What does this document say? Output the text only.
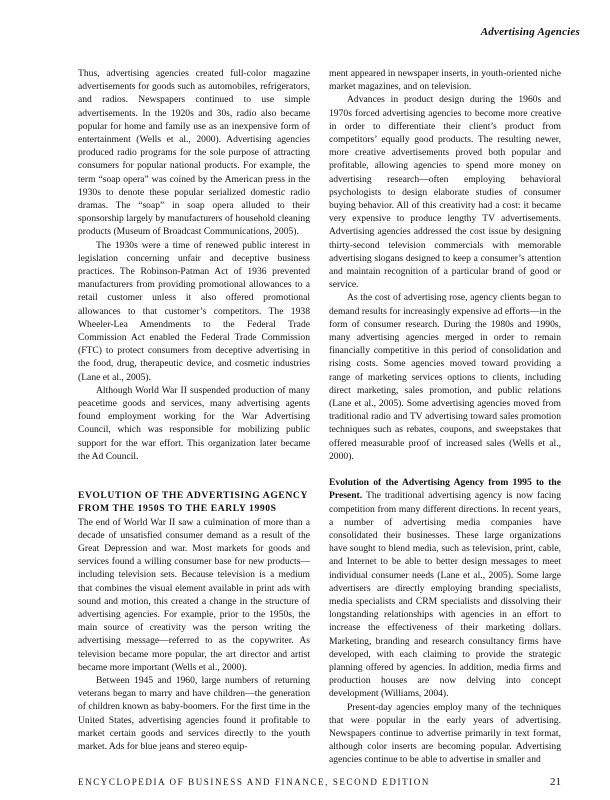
Advertising Agencies

Thus, advertising agencies created full-color magazine advertisements for goods such as automobiles, refrigerators, and radios. Newspapers continued to use simple advertisements. In the 1920s and 30s, radio also became popular for home and family use as an inexpensive form of entertainment (Wells et al., 2000). Advertising agencies produced radio programs for the sole purpose of attracting consumers for popular national products. For example, the term “soap opera” was coined by the American press in the 1930s to denote these popular serialized domestic radio dramas. The “soap” in soap opera alluded to their sponsorship largely by manufacturers of household cleaning products (Museum of Broadcast Communications, 2005).

The 1930s were a time of renewed public interest in legislation concerning unfair and deceptive business practices. The Robinson-Patman Act of 1936 prevented manufacturers from providing promotional allowances to a retail customer unless it also offered promotional allowances to that customer’s competitors. The 1938 Wheeler-Lea Amendments to the Federal Trade Commission Act enabled the Federal Trade Commission (FTC) to protect consumers from deceptive advertising in the food, drug, therapeutic device, and cosmetic industries (Lane et al., 2005).

Although World War II suspended production of many peacetime goods and services, many advertising agents found employment working for the War Advertising Council, which was responsible for mobilizing public support for the war effort. This organization later became the Ad Council.

EVOLUTION OF THE ADVERTISING AGENCY FROM THE 1950S TO THE EARLY 1990S

The end of World War II saw a culmination of more than a decade of unsatisfied consumer demand as a result of the Great Depression and war. Most markets for goods and services found a willing consumer base for new products—including television sets. Because television is a medium that combines the visual element available in print ads with sound and motion, this created a change in the structure of advertising agencies. For example, prior to the 1950s, the main source of creativity was the person writing the advertising message—referred to as the copywriter. As television became more popular, the art director and artist became more important (Wells et al., 2000).

Between 1945 and 1960, large numbers of returning veterans began to marry and have children—the generation of children known as baby-boomers. For the first time in the United States, advertising agencies found it profitable to market certain goods and services directly to the youth market. Ads for blue jeans and stereo equip-

ment appeared in newspaper inserts, in youth-oriented niche market magazines, and on television.

Advances in product design during the 1960s and 1970s forced advertising agencies to become more creative in order to differentiate their client’s product from competitors’ equally good products. The resulting newer, more creative advertisements proved both popular and profitable, allowing agencies to spend more money on advertising research—often employing behavioral psychologists to design elaborate studies of consumer buying behavior. All of this creativity had a cost: it became very expensive to produce lengthy TV advertisements. Advertising agencies addressed the cost issue by designing thirty-second television commercials with memorable advertising slogans designed to keep a consumer’s attention and maintain recognition of a particular brand of good or service.

As the cost of advertising rose, agency clients began to demand results for increasingly expensive ad efforts—in the form of consumer research. During the 1980s and 1990s, many advertising agencies merged in order to remain financially competitive in this period of consolidation and rising costs. Some agencies moved toward providing a range of marketing services options to clients, including direct marketing, sales promotion, and public relations (Lane et al., 2005). Some advertising agencies moved from traditional radio and TV advertising toward sales promotion techniques such as rebates, coupons, and sweepstakes that offered measurable proof of increased sales (Wells et al., 2000).

Evolution of the Advertising Agency from 1995 to the Present. The traditional advertising agency is now facing competition from many different directions. In recent years, a number of advertising media companies have consolidated their businesses. These large organizations have sought to blend media, such as television, print, cable, and Internet to be able to better design messages to meet individual consumer needs (Lane et al., 2005). Some large advertisers are directly employing branding specialists, media specialists and CRM specialists and dissolving their longstanding relationships with agencies in an effort to increase the effectiveness of their marketing dollars. Marketing, branding and research consultancy firms have developed, with each claiming to provide the strategic planning offered by agencies. In addition, media firms and production houses are now delving into concept development (Williams, 2004).

Present-day agencies employ many of the techniques that were popular in the early years of advertising. Newspapers continue to advertise primarily in text format, although color inserts are becoming popular. Advertising agencies continue to be able to advertise in smaller and

ENCYCLOPEDIA OF BUSINESS AND FINANCE, SECOND EDITION	21
